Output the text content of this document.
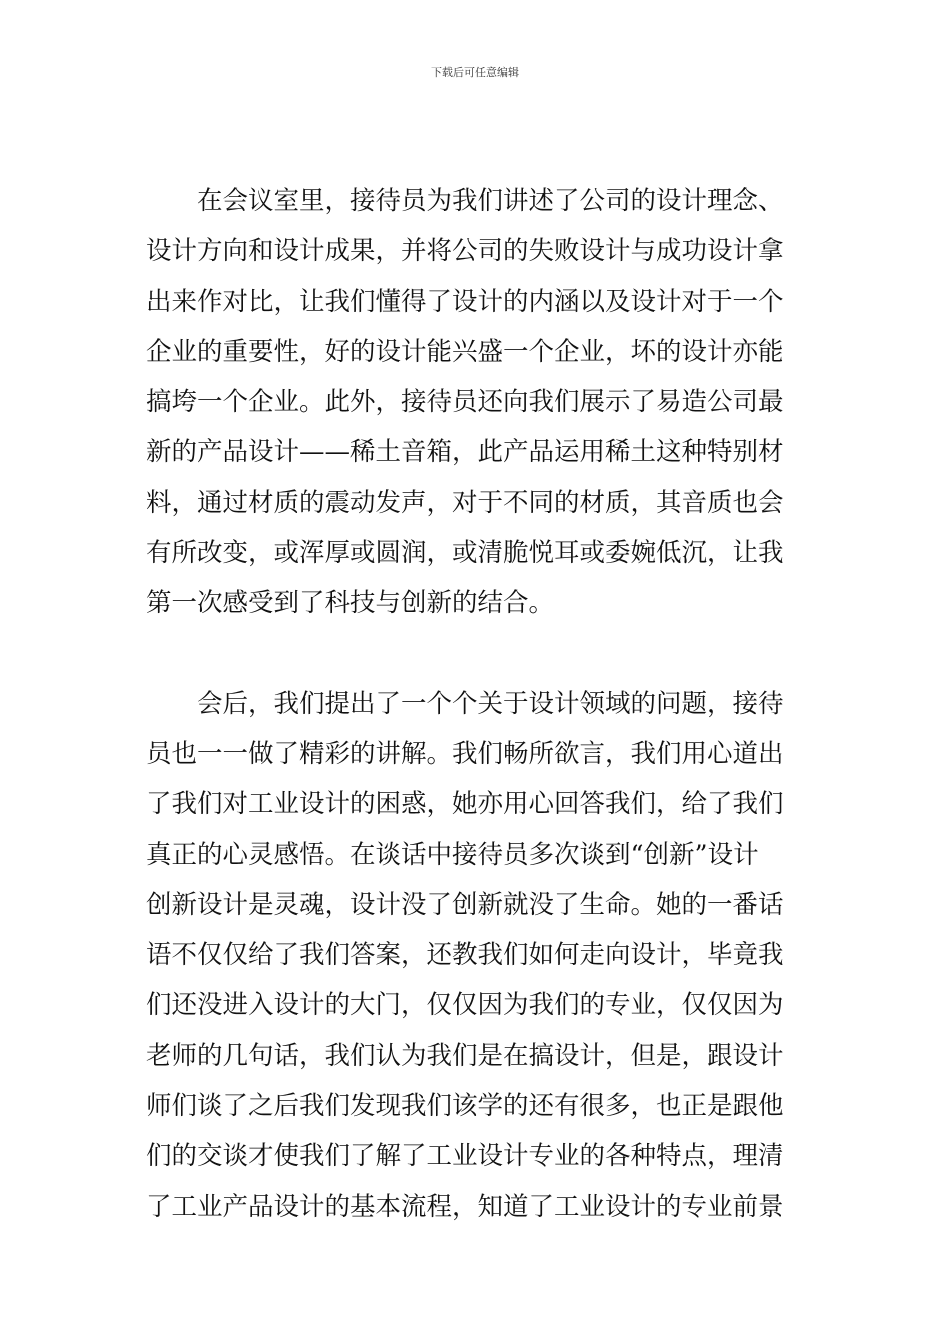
下载后可任意编辑
在会议室里，接待员为我们讲述了公司的设计理念、
设计方向和设计成果，并将公司的失败设计与成功设计拿
出来作对比，让我们懂得了设计的内涵以及设计对于一个
企业的重要性，好的设计能兴盛一个企业，坏的设计亦能
搞垮一个企业。此外，接待员还向我们展示了易造公司最
新的产品设计——稀土音箱，此产品运用稀土这种特别材
料，通过材质的震动发声，对于不同的材质，其音质也会
有所改变，或浑厚或圆润，或清脆悦耳或委婉低沉，让我
第一次感受到了科技与创新的结合。
会后，我们提出了一个个关于设计领域的问题，接待
员也一一做了精彩的讲解。我们畅所欲言，我们用心道出
了我们对工业设计的困惑，她亦用心回答我们，给了我们
真正的心灵感悟。在谈话中接待员多次谈到“创新”设计
创新设计是灵魂，设计没了创新就没了生命。她的一番话
语不仅仅给了我们答案，还教我们如何走向设计，毕竟我
们还没进入设计的大门，仅仅因为我们的专业，仅仅因为
老师的几句话，我们认为我们是在搞设计，但是，跟设计
师们谈了之后我们发现我们该学的还有很多，也正是跟他
们的交谈才使我们了解了工业设计专业的各种特点，理清
了工业产品设计的基本流程，知道了工业设计的专业前景
